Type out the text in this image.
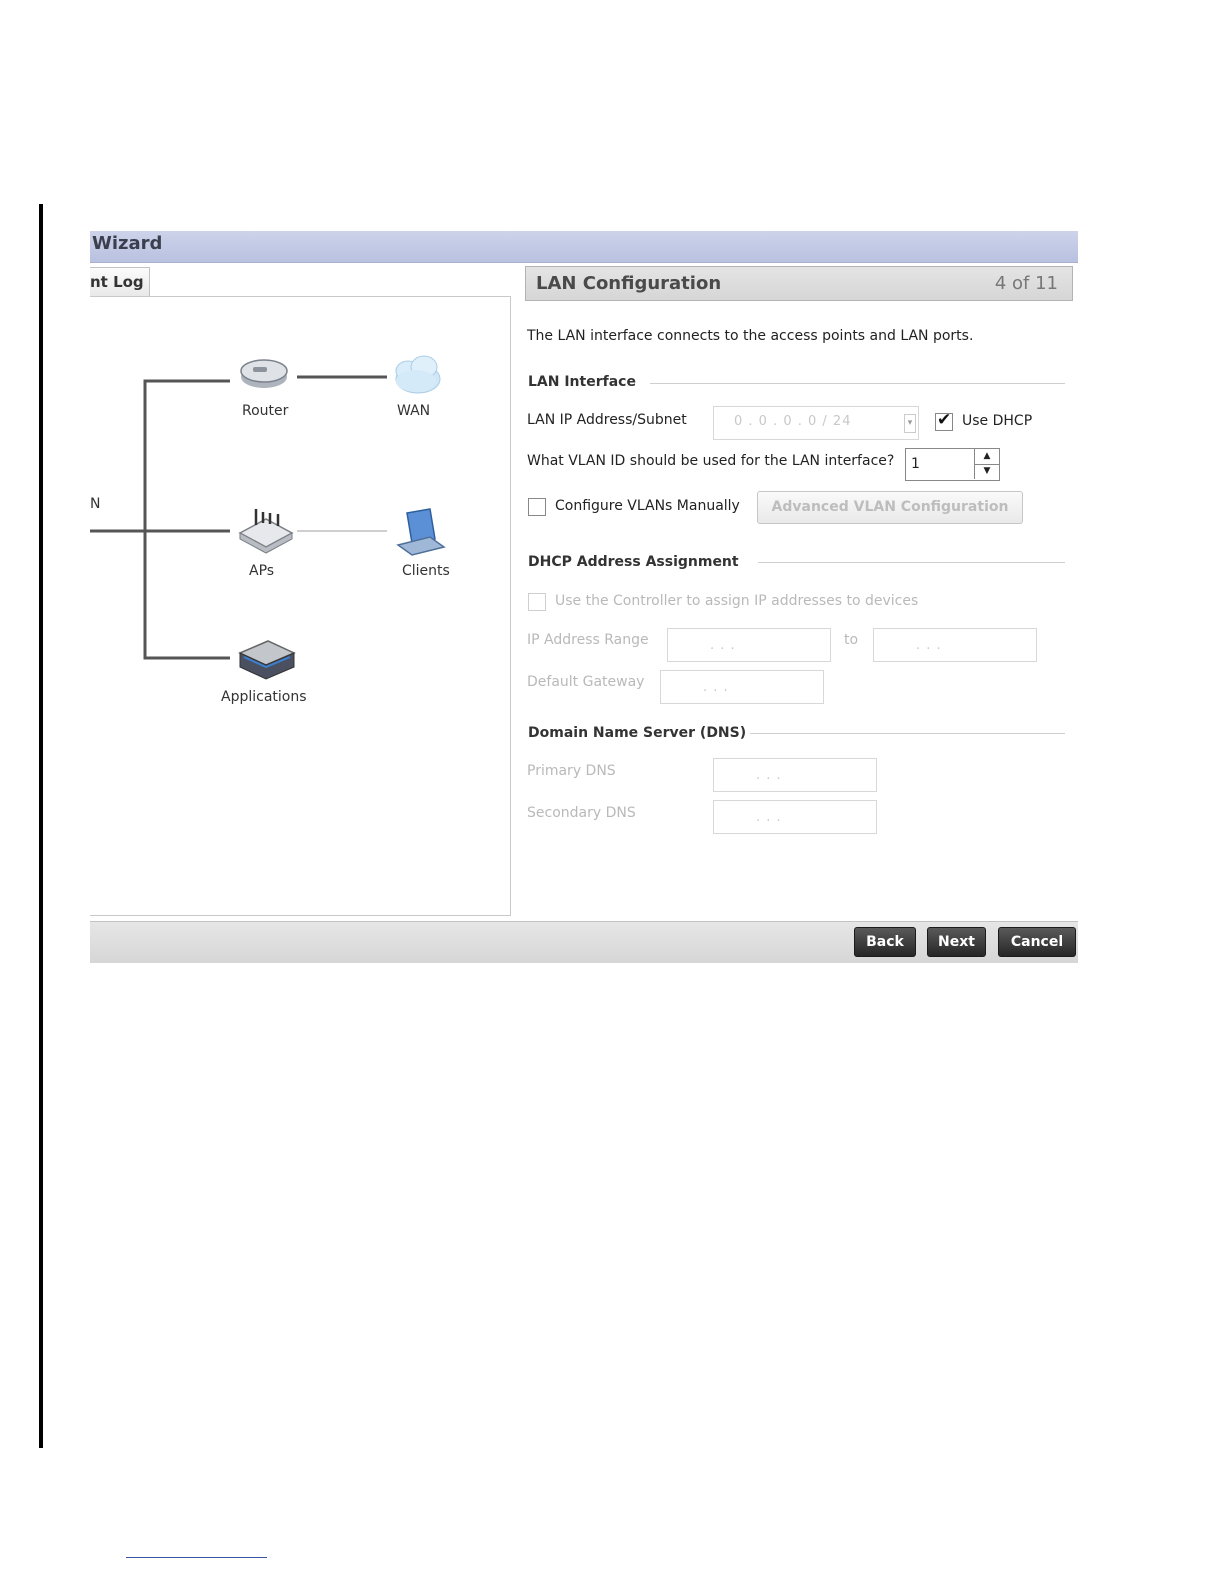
Wizard
nt Log
Router	WAN
N
APs	Clients
Applications
LAN Configuration	4 of 11
The LAN interface connects to the access points and LAN ports.
LAN Interface
LAN IP Address/Subnet	0 . 0 . 0 . 0 / 24	▾ ✔ Use DHCP
What VLAN ID should be used for the LAN interface? 1	▲
▼
Configure VLANs Manually	Advanced VLAN Configuration
DHCP Address Assignment
Use the Controller to assign IP addresses to devices
IP Address Range	. . .	to	. . .
Default Gateway	. . .
Domain Name Server (DNS)
Primary DNS	. . .
Secondary DNS	. . .
Back	Next	Cancel
